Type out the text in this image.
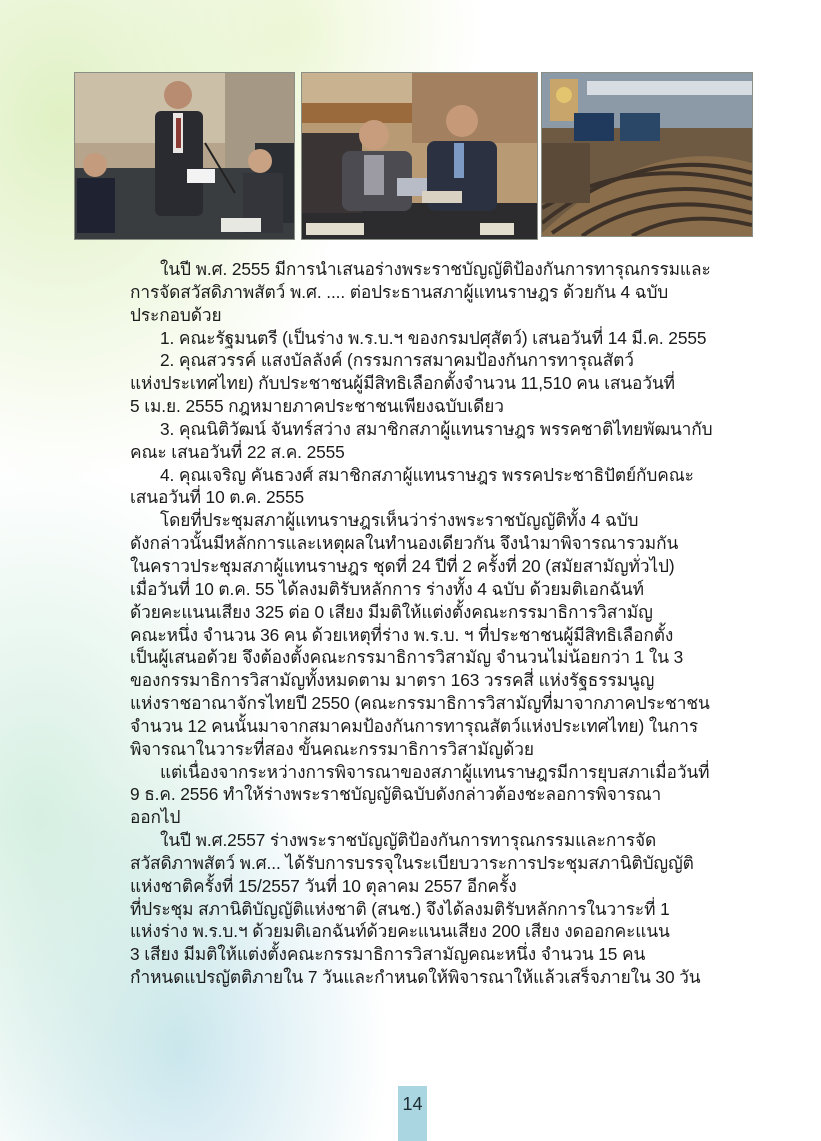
ในปี พ.ศ. 2555 มีการนำเสนอร่างพระราชบัญญัติป้องกันการทารุณกรรมและ
การจัดสวัสดิภาพสัตว์ พ.ศ. .... ต่อประธานสภาผู้แทนราษฎร ด้วยกัน 4 ฉบับ
ประกอบด้วย
1. คณะรัฐมนตรี (เป็นร่าง พ.ร.บ.ฯ ของกรมปศุสัตว์) เสนอวันที่ 14 มี.ค. 2555
2. คุณสวรรค์ แสงบัลลังค์ (กรรมการสมาคมป้องกันการทารุณสัตว์
แห่งประเทศไทย) กับประชาชนผู้มีสิทธิเลือกตั้งจำนวน 11,510 คน เสนอวันที่
5 เม.ย. 2555 กฎหมายภาคประชาชนเพียงฉบับเดียว
3. คุณนิติวัฒน์ จันทร์สว่าง สมาชิกสภาผู้แทนราษฎร พรรคชาติไทยพัฒนากับ
คณะ เสนอวันที่ 22 ส.ค. 2555
4. คุณเจริญ คันธวงศ์ สมาชิกสภาผู้แทนราษฎร พรรคประชาธิปัตย์กับคณะ
เสนอวันที่ 10 ต.ค. 2555
โดยที่ประชุมสภาผู้แทนราษฎรเห็นว่าร่างพระราชบัญญัติทั้ง 4 ฉบับ
ดังกล่าวนั้นมีหลักการและเหตุผลในทำนองเดียวกัน จึงนำมาพิจารณารวมกัน
ในคราวประชุมสภาผู้แทนราษฎร ชุดที่ 24 ปีที่ 2 ครั้งที่ 20 (สมัยสามัญทั่วไป)
เมื่อวันที่ 10 ต.ค. 55 ได้ลงมติรับหลักการ ร่างทั้ง 4 ฉบับ ด้วยมติเอกฉันท์
ด้วยคะแนนเสียง 325 ต่อ 0 เสียง มีมติให้แต่งตั้งคณะกรรมาธิการวิสามัญ
คณะหนึ่ง จำนวน 36 คน ด้วยเหตุที่ร่าง พ.ร.บ. ฯ ที่ประชาชนผู้มีสิทธิเลือกตั้ง
เป็นผู้เสนอด้วย จึงต้องตั้งคณะกรรมาธิการวิสามัญ จำนวนไม่น้อยกว่า 1 ใน 3
ของกรรมาธิการวิสามัญทั้งหมดตาม มาตรา 163 วรรคสี่ แห่งรัฐธรรมนูญ
แห่งราชอาณาจักรไทยปี 2550 (คณะกรรมาธิการวิสามัญที่มาจากภาคประชาชน
จำนวน 12 คนนั้นมาจากสมาคมป้องกันการทารุณสัตว์แห่งประเทศไทย) ในการ
พิจารณาในวาระที่สอง ขั้นคณะกรรมาธิการวิสามัญด้วย
แต่เนื่องจากระหว่างการพิจารณาของสภาผู้แทนราษฎรมีการยุบสภาเมื่อวันที่
9 ธ.ค. 2556 ทำให้ร่างพระราชบัญญัติฉบับดังกล่าวต้องชะลอการพิจารณา
ออกไป
ในปี พ.ศ.2557 ร่างพระราชบัญญัติป้องกันการทารุณกรรมและการจัด
สวัสดิภาพสัตว์ พ.ศ... ได้รับการบรรจุในระเบียบวาระการประชุมสภานิติบัญญัติ
แห่งชาติครั้งที่ 15/2557 วันที่ 10 ตุลาคม 2557 อีกครั้ง
ที่ประชุม สภานิติบัญญัติแห่งชาติ (สนช.) จึงได้ลงมติรับหลักการในวาระที่ 1
แห่งร่าง พ.ร.บ.ฯ ด้วยมติเอกฉันท์ด้วยคะแนนเสียง 200 เสียง งดออกคะแนน
3 เสียง มีมติให้แต่งตั้งคณะกรรมาธิการวิสามัญคณะหนึ่ง จำนวน 15 คน
กำหนดแปรญัตติภายใน 7 วันและกำหนดให้พิจารณาให้แล้วเสร็จภายใน 30 วัน
14
